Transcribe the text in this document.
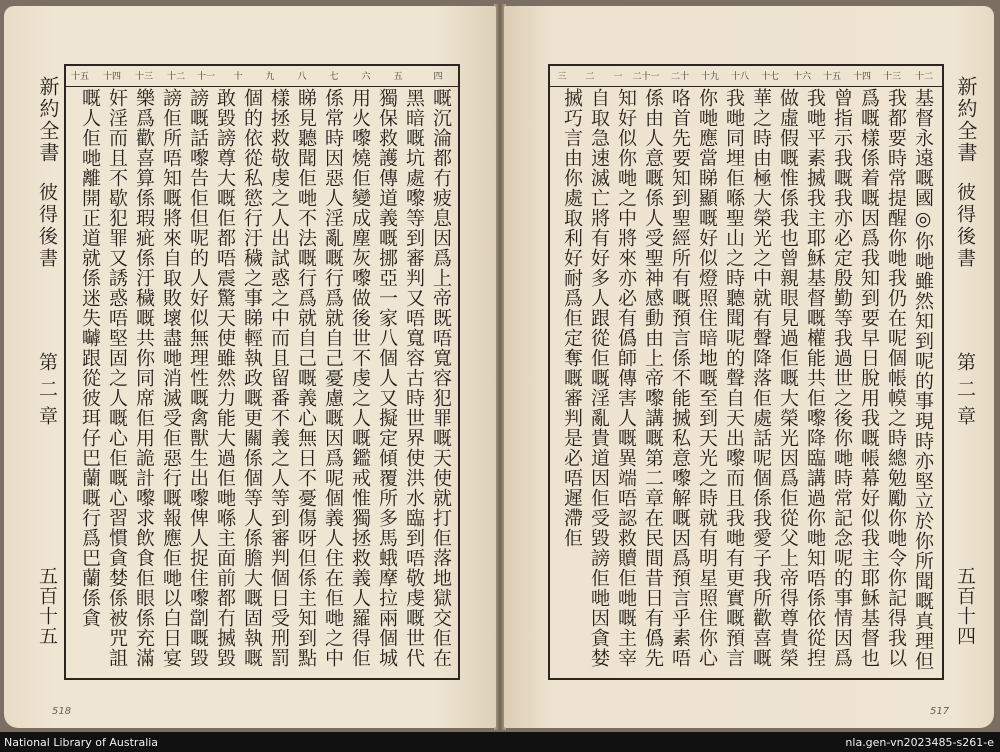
十五 十四 十三 十二 十一 十	九	八	七	六	五	四
嘅沉淪都冇疲息因爲上帝既唔寬容犯罪嘅天使就打佢落地獄交佢在黑暗嘅坑處嚟等到審判又唔寬容古時世界使洪水臨到唔敬虔嘅世代獨保救護傳道義嘅挪亞一家八個人又擬定傾覆所多馬蛾摩拉兩個城用火嚟燒佢變成塵灰嚟做後世不虔之人嘅鑑戒惟獨拯救義人羅得佢係常時因惡人淫亂嘅行爲就自己憂慮嘅因爲呢個義人住在佢哋之中睇見聽聞佢哋不法嘅行爲就自己嘅義心無日不憂傷呀但係主知到點樣拯救敬虔之人出試惑之中而且留番不義之人等到審判個日受刑罰個的依從私慾行汙穢之事睇輕執政嘅更關係個等人係膽大嘅固執嘅敢毀謗尊大嘅佢都唔震驚天使雖然力能大過佢哋喺主面前都冇搣毀謗嘅話嚟告佢但呢的人好似無理性嘅禽獸生出嚟俾人捉住嚟劏嘅毀謗佢所唔知嘅將來自取敗壞盡哋消滅受佢惡行嘅報應佢哋以白日宴樂爲歡喜算係瑕疵係汙穢嘅共你同席佢用詭計嚟求飲食佢眼係充滿奸淫而且不歇犯罪又誘惑唔堅固之人嘅心佢嘅心習慣貪婪係被咒詛嘅人佢哋離開正道就係迷失嚹跟從彼珥仔巴蘭嘅行爲巴蘭係貪
新約全書
彼得後書
第二章
五百十五
518
三 二 一 二十一 二十 十九 十八 十七 十六 十五 十四 十三 十二
基督永遠嘅國◎你哋雖然知到呢的事現時亦堅立於你所聞嘅真理但我都要時常提醒你哋我仍在呢個帳幙之時總勉勵你哋令你記得我以爲嘅樣係着嘅因爲我知到要早日脫用我嘅帳幕好似我主耶穌基督也曾指示我嘅我亦必定殷勤等我過世之後你哋時常記念呢的事情因爲我哋平素搣我主耶穌基督嘅權能共佢嚟降臨講過你哋知唔係依從揑做虛假嘅惟係我也曾親眼見過佢嘅大榮光因爲佢從父上帝得尊貴榮華之時由極大榮光之中就有聲降落佢處話呢個係我愛子我所歡喜嘅我哋同埋佢喺聖山之時聽聞呢的聲自天出嚟而且我哋有更實嘅預言你哋應當睇顯嘅好似燈照住暗地嘅至到天光之時就有明星照住你心咯首先要知到聖經所有嘅預言係不能搣私意嚟解嘅因爲預言乎素唔係由人意嘅係人受聖神感動由上帝嚟講嘅第二章在民間昔日有僞先知好似你哋之中將來亦必有僞師傳害人嘅異端唔認救贖佢哋嘅主宰自取急速滅亡將有好多人跟從佢嘅淫亂貴道因佢受毀謗佢哋因貪婪搣巧言由你處取利好耐爲佢定奪嘅審判是必唔遲滯佢	新約全書
彼得後書
第二章
五百十四
517
National Library of Australia	nla.gen-vn2023485-s261-e
